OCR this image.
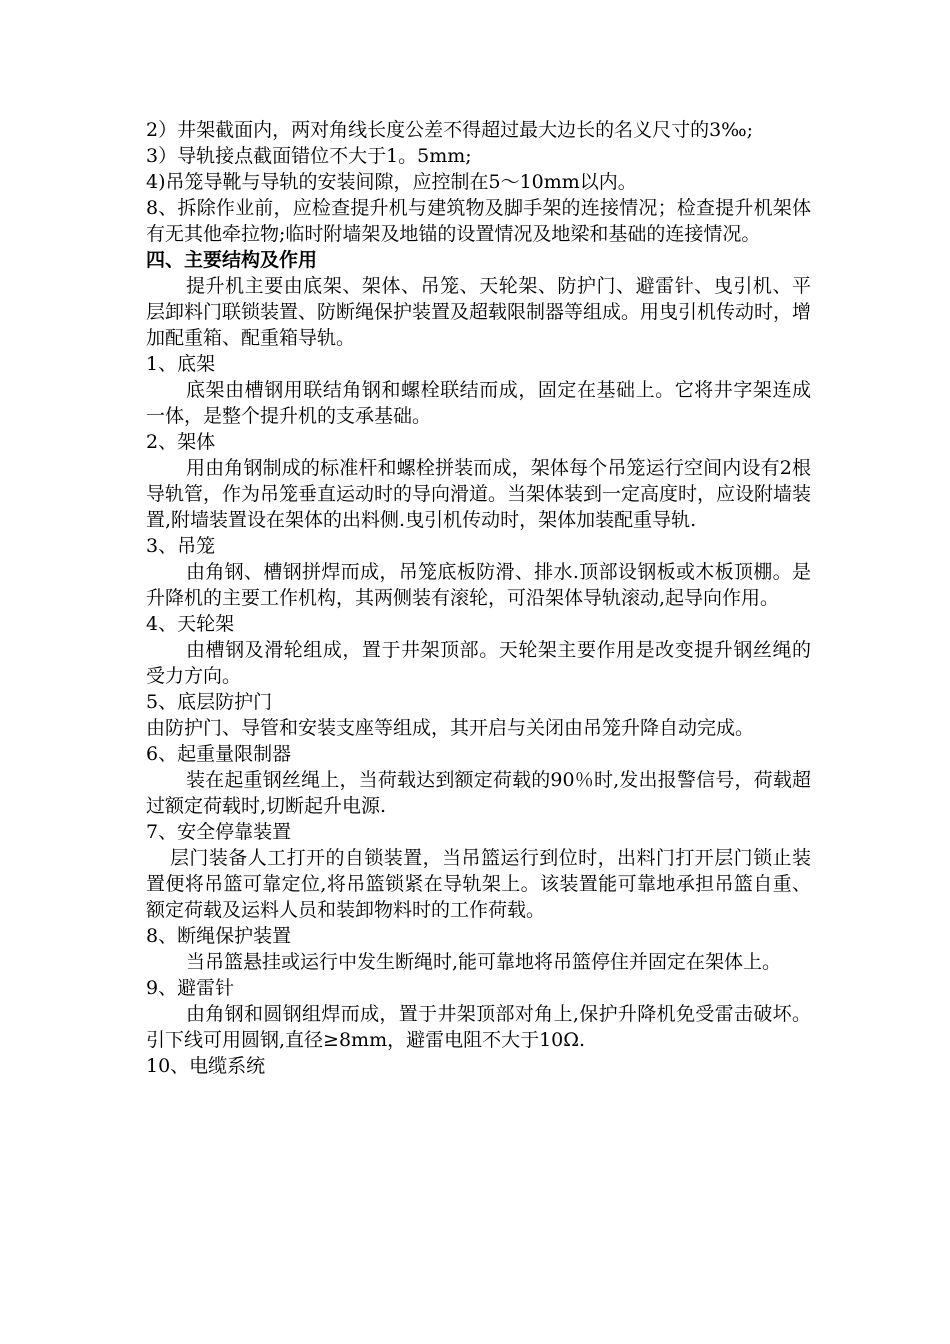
2）井架截面内，两对角线长度公差不得超过最大边长的名义尺寸的3‰;

3）导轨接点截面错位不大于1。5mm;

4)吊笼导靴与导轨的安装间隙，应控制在5～10mm以内。

8、拆除作业前，应检查提升机与建筑物及脚手架的连接情况；检查提升机架体有无其他牵拉物;临时附墙架及地锚的设置情况及地梁和基础的连接情况。

四、主要结构及作用

提升机主要由底架、架体、吊笼、天轮架、防护门、避雷针、曳引机、平层卸料门联锁装置、防断绳保护装置及超载限制器等组成。用曳引机传动时，增加配重箱、配重箱导轨。

1、底架

底架由槽钢用联结角钢和螺栓联结而成，固定在基础上。它将井字架连成一体，是整个提升机的支承基础。

2、架体

用由角钢制成的标准杆和螺栓拼装而成，架体每个吊笼运行空间内设有2根导轨管，作为吊笼垂直运动时的导向滑道。当架体装到一定高度时，应设附墙装置,附墙装置设在架体的出料侧.曳引机传动时，架体加装配重导轨.

3、吊笼

由角钢、槽钢拼焊而成，吊笼底板防滑、排水.顶部设钢板或木板顶棚。是升降机的主要工作机构，其两侧装有滚轮，可沿架体导轨滚动,起导向作用。

4、天轮架

由槽钢及滑轮组成，置于井架顶部。天轮架主要作用是改变提升钢丝绳的受力方向。

5、底层防护门

由防护门、导管和安装支座等组成，其开启与关闭由吊笼升降自动完成。

6、起重量限制器

装在起重钢丝绳上，当荷载达到额定荷载的90％时,发出报警信号，荷载超过额定荷载时,切断起升电源.

7、安全停靠装置

层门装备人工打开的自锁装置，当吊篮运行到位时，出料门打开层门锁止装置便将吊篮可靠定位,将吊篮锁紧在导轨架上。该装置能可靠地承担吊篮自重、额定荷载及运料人员和装卸物料时的工作荷载。

8、断绳保护装置

当吊篮悬挂或运行中发生断绳时,能可靠地将吊篮停住并固定在架体上。

9、避雷针

由角钢和圆钢组焊而成，置于井架顶部对角上,保护升降机免受雷击破坏。引下线可用圆钢,直径≥8mm，避雷电阻不大于10Ω.

10、电缆系统
